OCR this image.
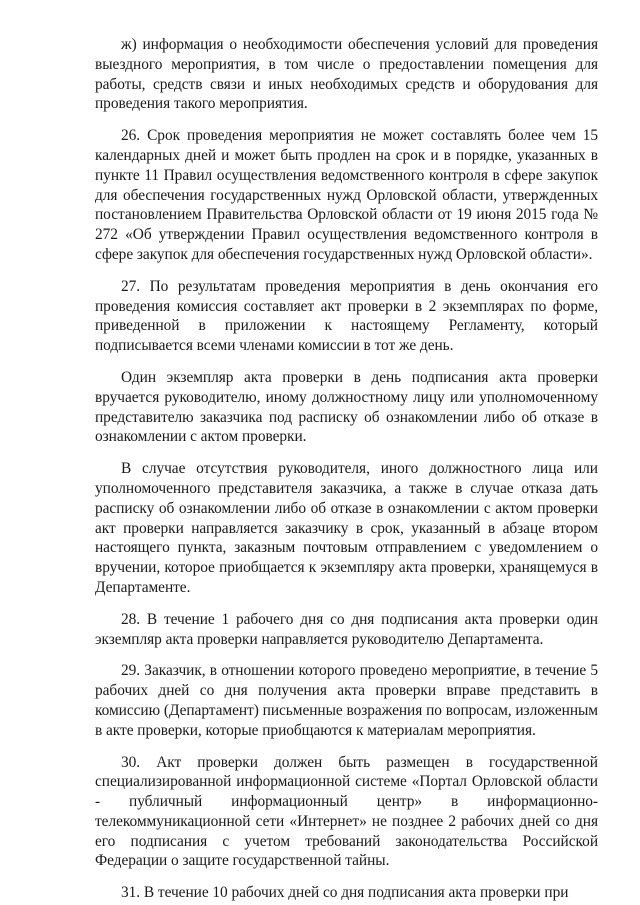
ж) информация о необходимости обеспечения условий для проведения выездного мероприятия, в том числе о предоставлении помещения для работы, средств связи и иных необходимых средств и оборудования для проведения такого мероприятия.

26. Срок проведения мероприятия не может составлять более чем 15 календарных дней и может быть продлен на срок и в порядке, указанных в пункте 11 Правил осуществления ведомственного контроля в сфере закупок для обеспечения государственных нужд Орловской области, утвержденных постановлением Правительства Орловской области от 19 июня 2015 года № 272 «Об утверждении Правил осуществления ведомственного контроля в сфере закупок для обеспечения государственных нужд Орловской области».

27. По результатам проведения мероприятия в день окончания его проведения комиссия составляет акт проверки в 2 экземплярах по форме, приведенной в приложении к настоящему Регламенту, который подписывается всеми членами комиссии в тот же день.

Один экземпляр акта проверки в день подписания акта проверки вручается руководителю, иному должностному лицу или уполномоченному представителю заказчика под расписку об ознакомлении либо об отказе в ознакомлении с актом проверки.

В случае отсутствия руководителя, иного должностного лица или уполномоченного представителя заказчика, а также в случае отказа дать расписку об ознакомлении либо об отказе в ознакомлении с актом проверки акт проверки направляется заказчику в срок, указанный в абзаце втором настоящего пункта, заказным почтовым отправлением с уведомлением о вручении, которое приобщается к экземпляру акта проверки, хранящемуся в Департаменте.

28. В течение 1 рабочего дня со дня подписания акта проверки один экземпляр акта проверки направляется руководителю Департамента.

29. Заказчик, в отношении которого проведено мероприятие, в течение 5 рабочих дней со дня получения акта проверки вправе представить в комиссию (Департамент) письменные возражения по вопросам, изложенным в акте проверки, которые приобщаются к материалам мероприятия.

30. Акт проверки должен быть размещен в государственной специализированной информационной системе «Портал Орловской области - публичный информационный центр» в информационно-телекоммуникационной сети «Интернет» не позднее 2 рабочих дней со дня его подписания с учетом требований законодательства Российской Федерации о защите государственной тайны.

31. В течение 10 рабочих дней со дня подписания акта проверки при
